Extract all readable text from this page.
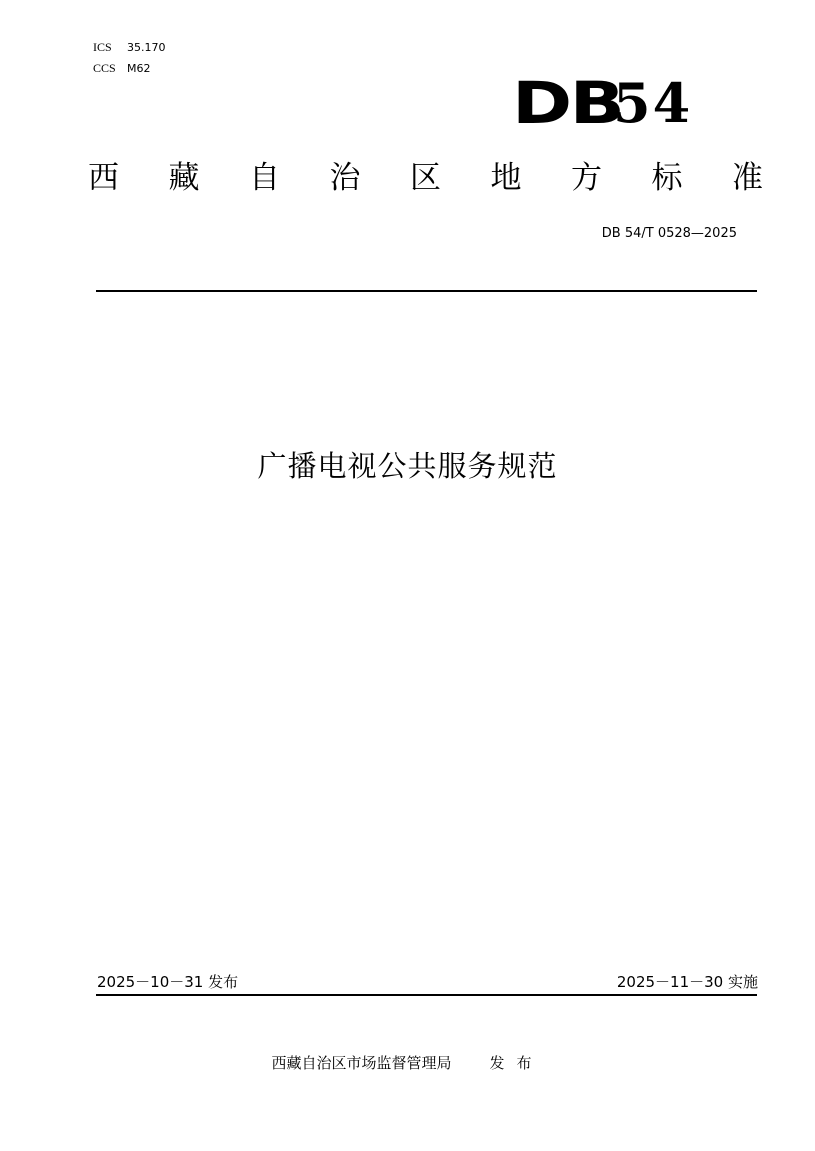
ICS 35.170
CCS M62
DB
54
西 藏 自 治 区 地 方 标 准
DB 54/T 0528—2025
广播电视公共服务规范
2025－10－31 发布	2025－11－30 实施
西藏自治区市场监督管理局	发布
